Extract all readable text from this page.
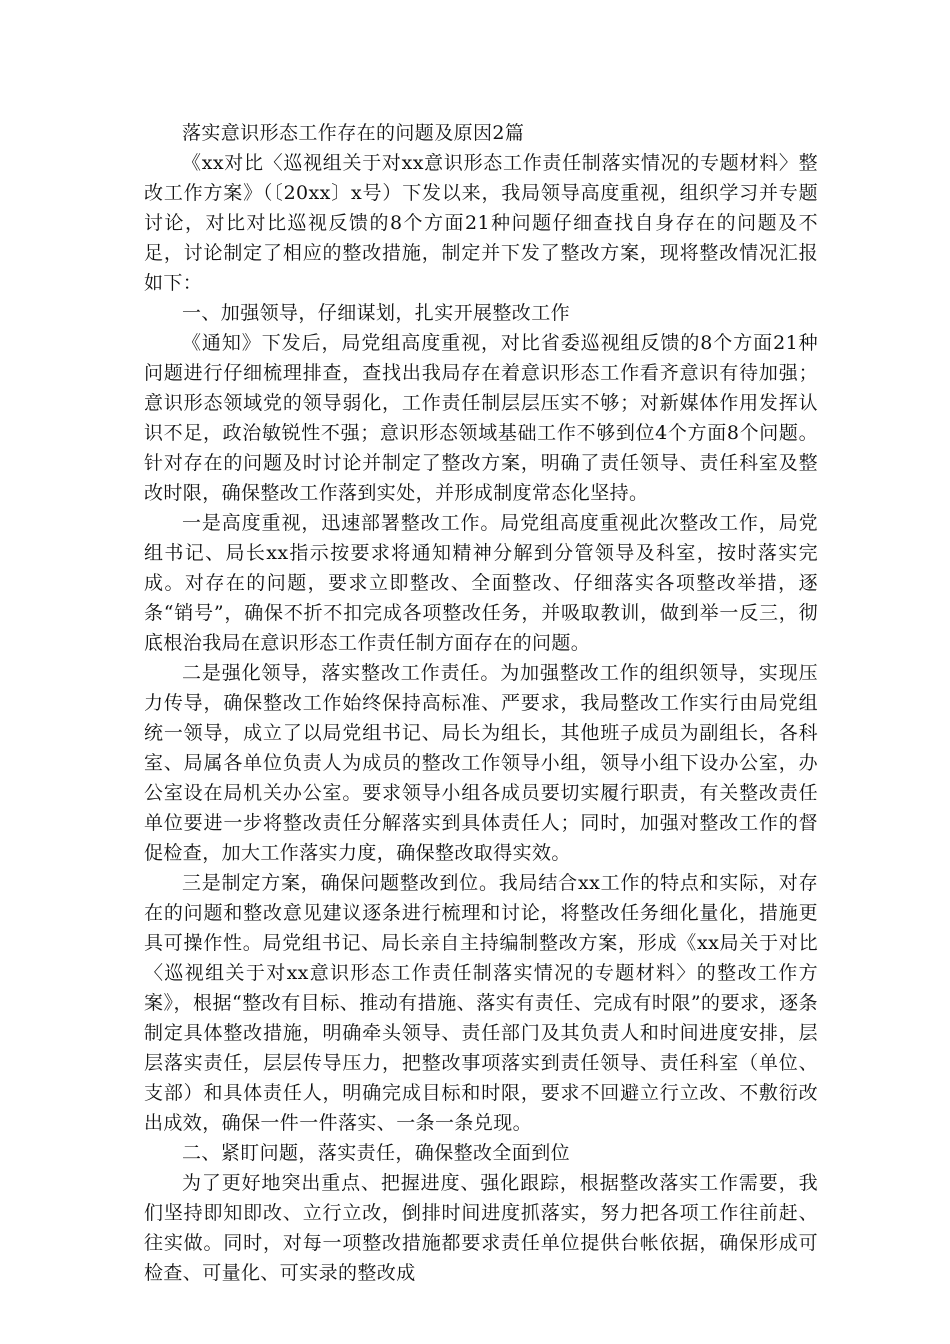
落实意识形态工作存在的问题及原因2篇

《xx对比〈巡视组关于对xx意识形态工作责任制落实情况的专题材料〉整改工作方案》（〔20xx〕x号）下发以来，我局领导高度重视，组织学习并专题讨论，对比对比巡视反馈的8个方面21种问题仔细查找自身存在的问题及不足，讨论制定了相应的整改措施，制定并下发了整改方案，现将整改情况汇报如下：

一、加强领导，仔细谋划，扎实开展整改工作

《通知》下发后，局党组高度重视，对比省委巡视组反馈的8个方面21种问题进行仔细梳理排查，查找出我局存在着意识形态工作看齐意识有待加强；意识形态领域党的领导弱化，工作责任制层层压实不够；对新媒体作用发挥认识不足，政治敏锐性不强；意识形态领域基础工作不够到位4个方面8个问题。针对存在的问题及时讨论并制定了整改方案，明确了责任领导、责任科室及整改时限，确保整改工作落到实处，并形成制度常态化坚持。

一是高度重视，迅速部署整改工作。局党组高度重视此次整改工作，局党组书记、局长xx指示按要求将通知精神分解到分管领导及科室，按时落实完成。对存在的问题，要求立即整改、全面整改、仔细落实各项整改举措，逐条“销号”，确保不折不扣完成各项整改任务，并吸取教训，做到举一反三，彻底根治我局在意识形态工作责任制方面存在的问题。

二是强化领导，落实整改工作责任。为加强整改工作的组织领导，实现压力传导，确保整改工作始终保持高标准、严要求，我局整改工作实行由局党组统一领导，成立了以局党组书记、局长为组长，其他班子成员为副组长，各科室、局属各单位负责人为成员的整改工作领导小组，领导小组下设办公室，办公室设在局机关办公室。要求领导小组各成员要切实履行职责，有关整改责任单位要进一步将整改责任分解落实到具体责任人；同时，加强对整改工作的督促检查，加大工作落实力度，确保整改取得实效。

三是制定方案，确保问题整改到位。我局结合xx工作的特点和实际，对存在的问题和整改意见建议逐条进行梳理和讨论，将整改任务细化量化，措施更具可操作性。局党组书记、局长亲自主持编制整改方案，形成《xx局关于对比〈巡视组关于对xx意识形态工作责任制落实情况的专题材料〉的整改工作方案》，根据“整改有目标、推动有措施、落实有责任、完成有时限”的要求，逐条制定具体整改措施，明确牵头领导、责任部门及其负责人和时间进度安排，层层落实责任，层层传导压力，把整改事项落实到责任领导、责任科室（单位、支部）和具体责任人，明确完成目标和时限，要求不回避立行立改、不敷衍改出成效，确保一件一件落实、一条一条兑现。

二、紧盯问题，落实责任，确保整改全面到位

为了更好地突出重点、把握进度、强化跟踪，根据整改落实工作需要，我们坚持即知即改、立行立改，倒排时间进度抓落实，努力把各项工作往前赶、往实做。同时，对每一项整改措施都要求责任单位提供台帐依据，确保形成可检查、可量化、可实录的整改成
